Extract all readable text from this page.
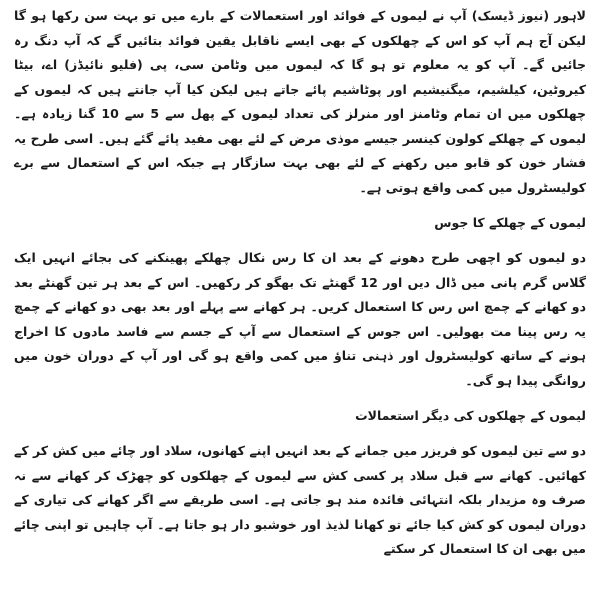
لاہور (نیوز ڈیسک) آپ نے لیموں کے فوائد اور استعمالات کے بارے میں تو بہت سن رکھا ہو گا لیکن آج ہم آپ کو اس کے چھلکوں کے بھی ایسے ناقابل یقین فوائد بتائیں گے کہ آپ دنگ رہ جائیں گے۔ آپ کو یہ معلوم تو ہو گا کہ لیموں میں وٹامن سی، پی (فلیو نائیڈز) اے، بیٹا کیروٹین، کیلشیم، میگنیشیم اور پوٹاشیم پائے جاتے ہیں لیکن کیا آپ جانتے ہیں کہ لیموں کے چھلکوں میں ان تمام وٹامنز اور منرلز کی تعداد لیموں کے پھل سے 5 سے 10 گنا زیادہ ہے۔ لیموں کے چھلکے کولون کینسر جیسے موذی مرض کے لئے بھی مفید پائے گئے ہیں۔ اسی طرح یہ فشار خون کو قابو میں رکھنے کے لئے بھی بہت سازگار ہے جبکہ اس کے استعمال سے برے کولیسٹرول میں کمی واقع ہوتی ہے۔

لیموں کے چھلکے کا جوس

دو لیموں کو اچھی طرح دھونے کے بعد ان کا رس نکال چھلکے پھینکنے کی بجائے انہیں ایک گلاس گرم پانی میں ڈال دیں اور 12 گھنٹے تک بھگو کر رکھیں۔ اس کے بعد ہر تین گھنٹے بعد دو کھانے کے چمچ اس رس کا استعمال کریں۔ ہر کھانے سے پہلے اور بعد بھی دو کھانے کے چمچ یہ رس پینا مت بھولیں۔ اس جوس کے استعمال سے آپ کے جسم سے فاسد مادوں کا اخراج ہونے کے ساتھ کولیسٹرول اور ذہنی تناؤ میں کمی واقع ہو گی اور آپ کے دوران خون میں روانگی پیدا ہو گی۔

لیموں کے چھلکوں کی دیگر استعمالات

دو سے تین لیموں کو فریزر میں جمانے کے بعد انہیں اپنے کھانوں، سلاد اور چائے میں کش کر کے کھائیں۔ کھانے سے قبل سلاد پر کسی کش سے لیموں کے چھلکوں کو چھڑک کر کھانے سے نہ صرف وہ مزیدار بلکہ انتہائی فائدہ مند ہو جاتی ہے۔ اسی طریقے سے اگر کھانے کی تیاری کے دوران لیموں کو کش کیا جائے تو کھانا لذیذ اور خوشبو دار ہو جاتا ہے۔ آپ چاہیں تو اپنی چائے میں بھی ان کا استعمال کر سکتے
